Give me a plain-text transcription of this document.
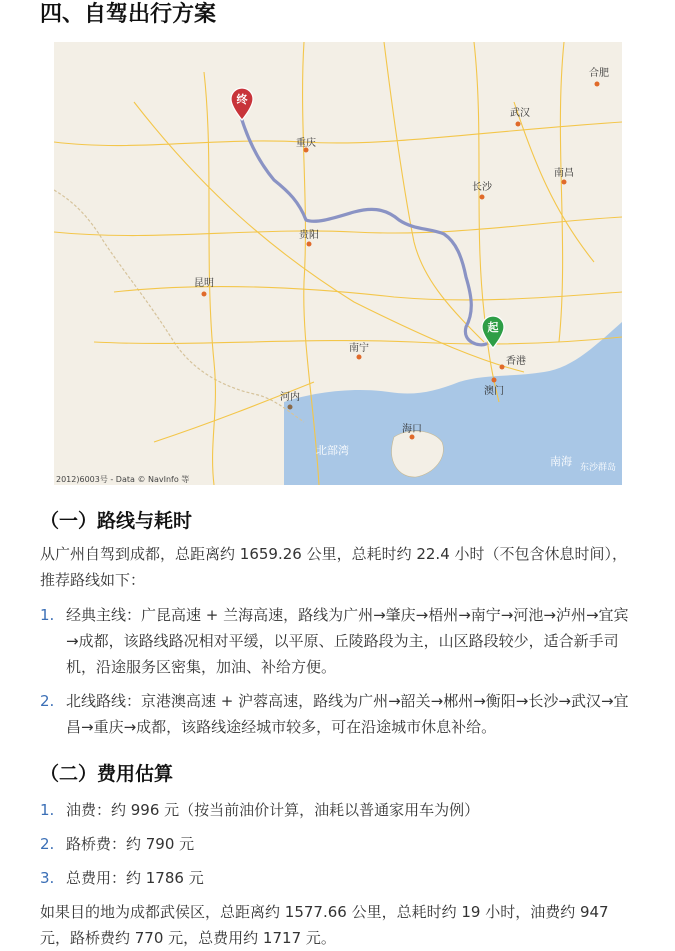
四、自驾出行方案
合肥
武汉
重庆
长沙
南昌
贵阳
昆明
南宁
香港
澳门
河内
海口
北部湾
南海 东沙群岛
终
起
2012)6003号 - Data © NavInfo 等
（一）路线与耗时
从广州自驾到成都，总距离约 1659.26 公里，总耗时约 22.4 小时（不包含休息时间），推荐路线如下：
1. 经典主线：广昆高速 + 兰海高速，路线为广州→肇庆→梧州→南宁→河池→泸州→宜宾→成都，该路线路况相对平缓，以平原、丘陵路段为主，山区路段较少，适合新手司机，沿途服务区密集，加油、补给方便。
2. 北线路线：京港澳高速 + 沪蓉高速，路线为广州→韶关→郴州→衡阳→长沙→武汉→宜昌→重庆→成都，该路线途经城市较多，可在沿途城市休息补给。
（二）费用估算
1. 油费：约 996 元（按当前油价计算，油耗以普通家用车为例）
2. 路桥费：约 790 元
3. 总费用：约 1786 元
如果目的地为成都武侯区，总距离约 1577.66 公里，总耗时约 19 小时，油费约 947 元，路桥费约 770 元，总费用约 1717 元。
